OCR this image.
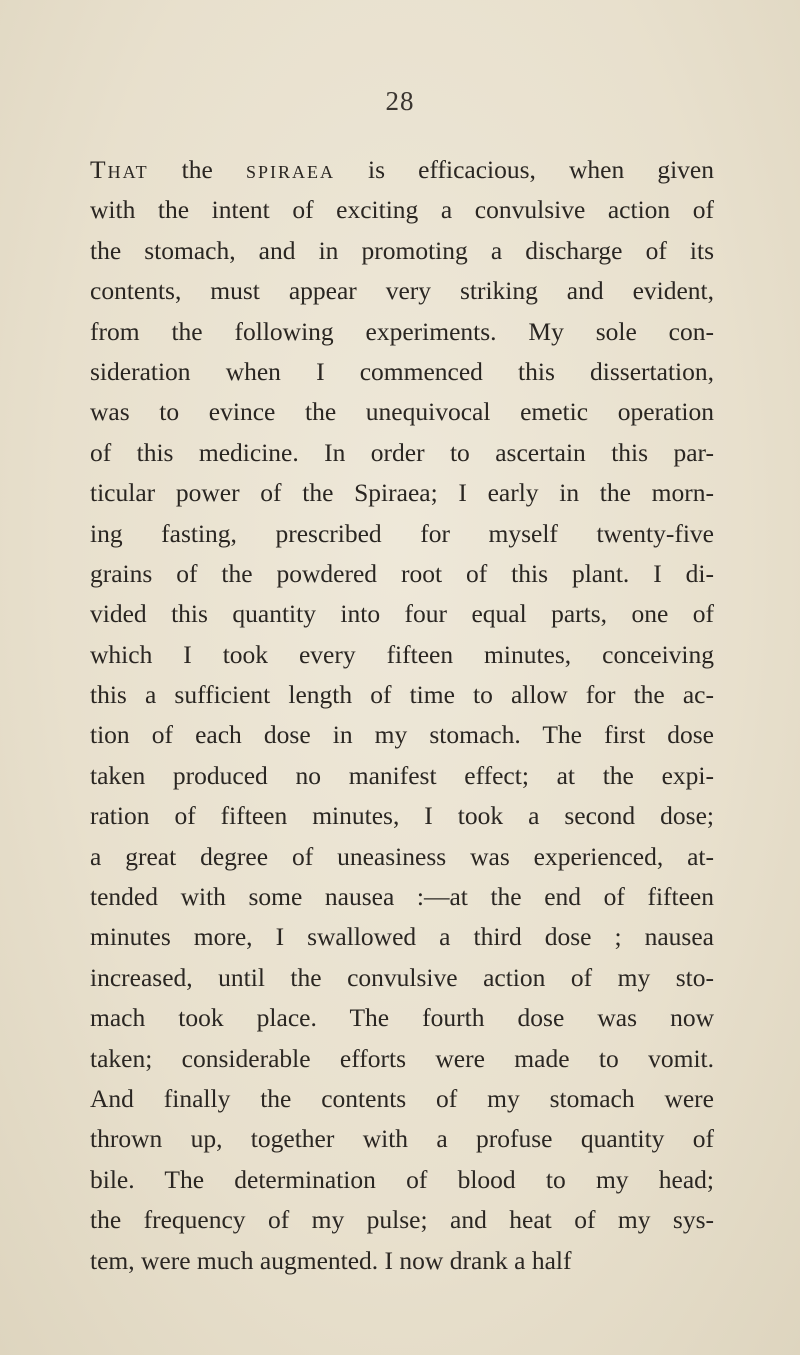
28
That the spiraea is efficacious, when given
with the intent of exciting a convulsive action of
the stomach, and in promoting a discharge of its
contents, must appear very striking and evident,
from the following experiments. My sole con-
sideration when I commenced this dissertation,
was to evince the unequivocal emetic operation
of this medicine. In order to ascertain this par-
ticular power of the Spiraea; I early in the morn-
ing fasting, prescribed for myself twenty-five
grains of the powdered root of this plant. I di-
vided this quantity into four equal parts, one of
which I took every fifteen minutes, conceiving
this a sufficient length of time to allow for the ac-
tion of each dose in my stomach. The first dose
taken produced no manifest effect; at the expi-
ration of fifteen minutes, I took a second dose;
a great degree of uneasiness was experienced, at-
tended with some nausea :—at the end of fifteen
minutes more, I swallowed a third dose ; nausea
increased, until the convulsive action of my sto-
mach took place. The fourth dose was now
taken; considerable efforts were made to vomit.
And finally the contents of my stomach were
thrown up, together with a profuse quantity of
bile. The determination of blood to my head;
the frequency of my pulse; and heat of my sys-
tem, were much augmented. I now drank a half
